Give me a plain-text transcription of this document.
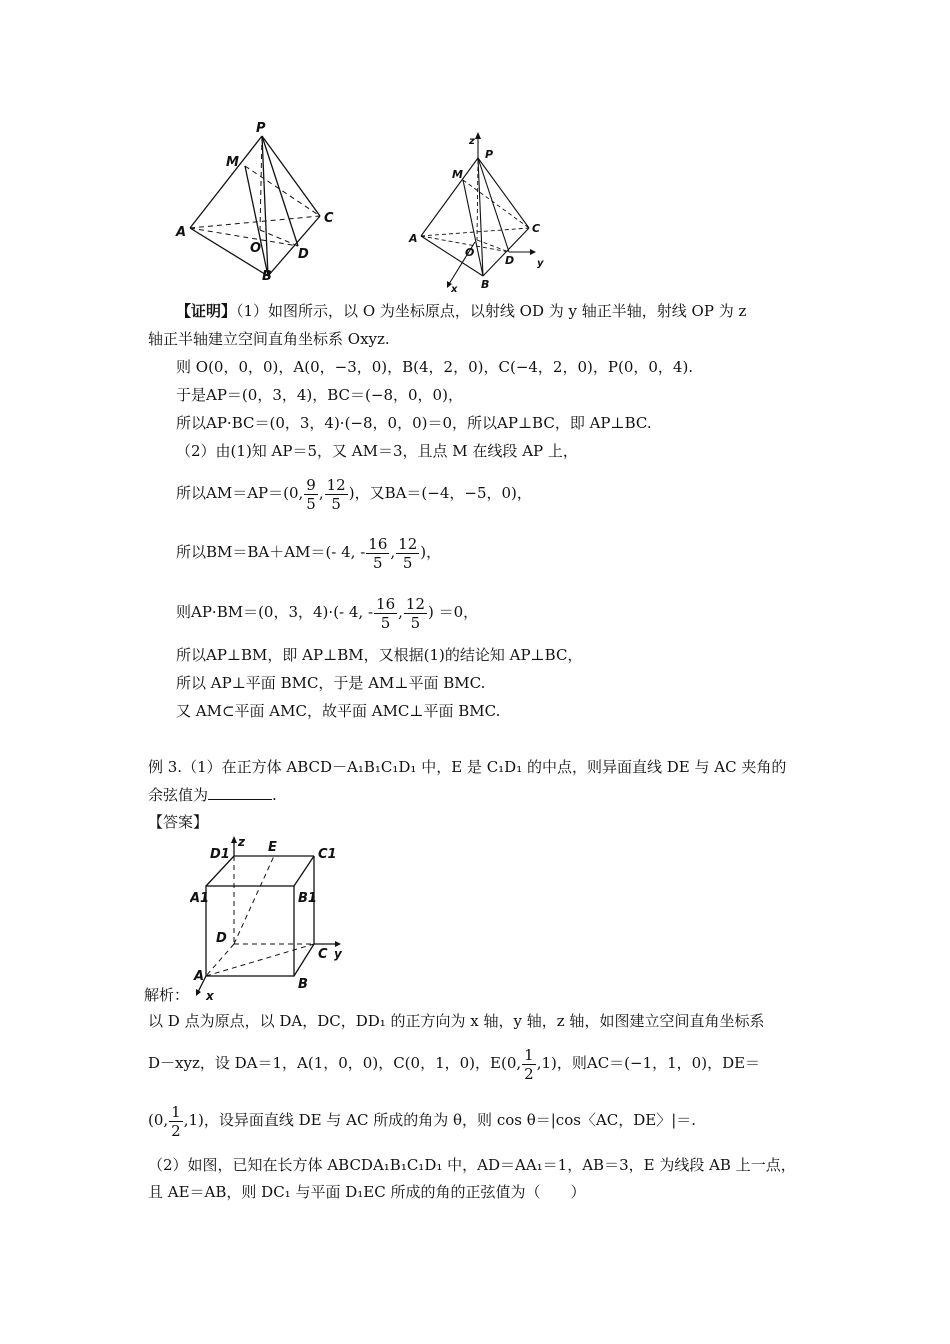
P
M
C
A
O	D
B
z
P
M
C
A
O
B
D y
x
【证明】（1）如图所示，以 O 为坐标原点，以射线 OD 为 y 轴正半轴，射线 OP 为 z
轴正半轴建立空间直角坐标系 Oxyz.
则 O(0，0，0)，A(0，−3，0)，B(4，2，0)，C(−4，2，0)，P(0，0，4).
于是AP＝(0，3，4)，BC＝(−8，0，0)，
所以AP·BC＝(0，3，4)·(−8，0，0)＝0，所以AP⊥BC，即 AP⊥BC.
（2）由(1)知 AP＝5，又 AM＝3，且点 M 在线段 AP 上，
所以AM＝AP＝(0, $\frac{9}{5}$ , $\frac{12}{5}$ )，又BA＝(−4，−5，0)，
所以BM＝BA＋AM＝(- 4, - $\frac{16}{5}$ , $\frac{12}{5}$ )，
则AP·BM＝(0，3，4)·(- 4, - $\frac{16}{5}$ , $\frac{12}{5}$ ) ＝0，
所以AP⊥BM，即 AP⊥BM，又根据(1)的结论知 AP⊥BC，
所以 AP⊥平面 BMC，于是 AM⊥平面 BMC.
又 AM⊂平面 AMC，故平面 AMC⊥平面 BMC.
例 3.（1）在正方体 ABCD－A₁B₁C₁D₁ 中，E 是 C₁D₁ 的中点，则异面直线 DE 与 AC 夹角的
余弦值为	.
【答案】
z E
D1	C1
A1	B1
D
C y
A
B
x
解析：
以 D 点为原点，以 DA，DC，DD₁ 的正方向为 x 轴，y 轴，z 轴，如图建立空间直角坐标系
D－xyz，设 DA＝1，A(1，0，0)，C(0，1，0)，E(0, $\frac{1}{2} ,1$)，则AC＝(−1，1，0)，DE＝
(0, $\frac{1}{2} ,1$)，设异面直线 DE 与 AC 所成的角为 θ，则 cos θ＝|cos〈AC，DE〉|＝.
（2）如图，已知在长方体 ABCDA₁B₁C₁D₁ 中，AD＝AA₁＝1，AB＝3，E 为线段 AB 上一点，
且 AE＝AB，则 DC₁ 与平面 D₁EC 所成的角的正弦值为（　　）
